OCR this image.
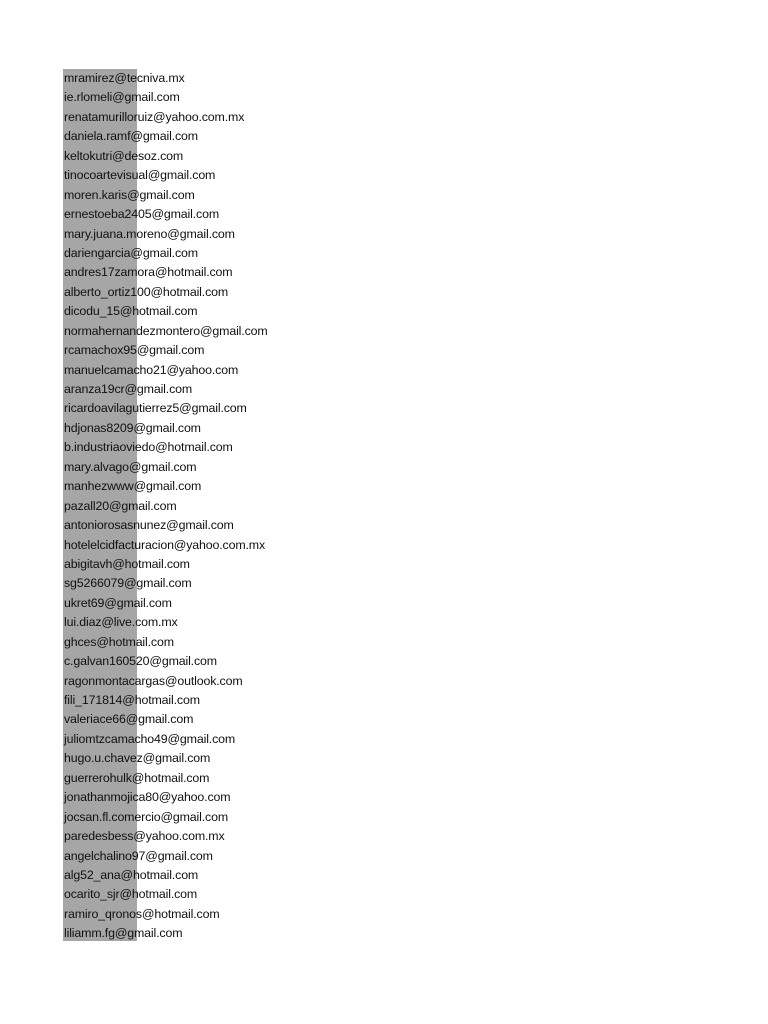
mramirez@tecniva.mx
ie.rlomeli@gmail.com
renatamurilloruiz@yahoo.com.mx
daniela.ramf@gmail.com
keltokutri@desoz.com
tinocoartevisual@gmail.com
moren.karis@gmail.com
ernestoeba2405@gmail.com
mary.juana.moreno@gmail.com
dariengarcia@gmail.com
andres17zamora@hotmail.com
alberto_ortiz100@hotmail.com
dicodu_15@hotmail.com
normahernandezmontero@gmail.com
rcamachox95@gmail.com
manuelcamacho21@yahoo.com
aranza19cr@gmail.com
ricardoavilagutierrez5@gmail.com
hdjonas8209@gmail.com
b.industriaoviedo@hotmail.com
mary.alvago@gmail.com
manhezwww@gmail.com
pazall20@gmail.com
antoniorosasnunez@gmail.com
hotelelcidfacturacion@yahoo.com.mx
abigitavh@hotmail.com
sg5266079@gmail.com
ukret69@gmail.com
lui.diaz@live.com.mx
ghces@hotmail.com
c.galvan160520@gmail.com
ragonmontacargas@outlook.com
fili_171814@hotmail.com
valeriace66@gmail.com
juliomtzcamacho49@gmail.com
hugo.u.chavez@gmail.com
guerrerohulk@hotmail.com
jonathanmojica80@yahoo.com
jocsan.fl.comercio@gmail.com
paredesbess@yahoo.com.mx
angelchalino97@gmail.com
alg52_ana@hotmail.com
ocarito_sjr@hotmail.com
ramiro_qronos@hotmail.com
liliamm.fg@gmail.com
